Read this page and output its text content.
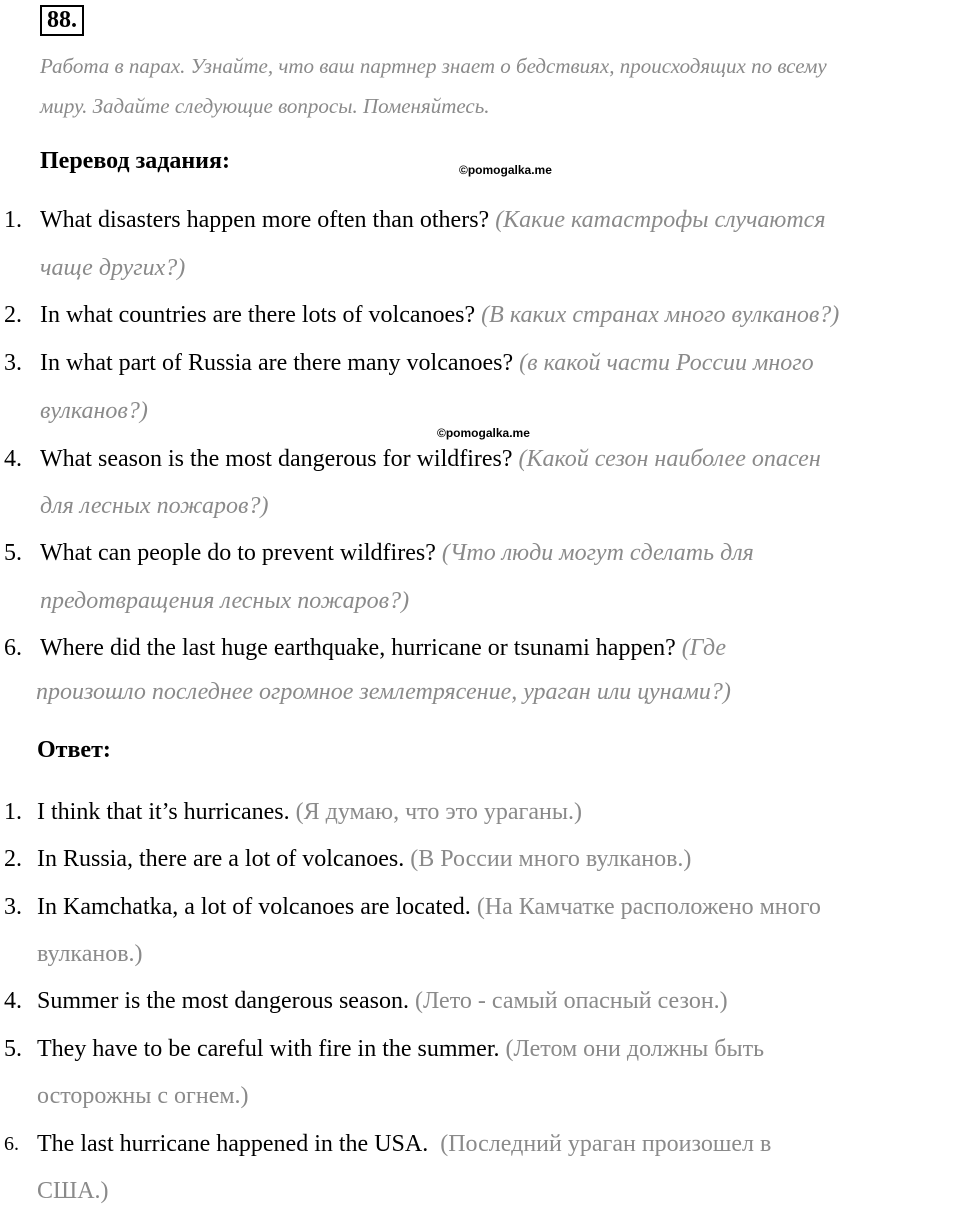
88.
Работа в парах. Узнайте, что ваш партнер знает о бедствиях, происходящих по всему
миру. Задайте следующие вопросы. Поменяйтесь.
Перевод задания:	©pomogalka.me
1. What disasters happen more often than others? (Какие катастрофы случаются
чаще других?)
2. In what countries are there lots of volcanoes? (В каких странах много вулканов?)
3. In what part of Russia are there many volcanoes? (в какой части России много
вулканов?)
©pomogalka.me
4. What season is the most dangerous for wildfires? (Какой сезон наиболее опасен
для лесных пожаров?)
5. What can people do to prevent wildfires? (Что люди могут сделать для
предотвращения лесных пожаров?)
6. Where did the last huge earthquake, hurricane or tsunami happen? (Где
произошло последнее огромное землетрясение, ураган или цунами?)
Ответ:
1. I think that it’s hurricanes. (Я думаю, что это ураганы.)
2. In Russia, there are a lot of volcanoes. (В России много вулканов.)
3. In Kamchatka, a lot of volcanoes are located. (На Камчатке расположено много
вулканов.)
4. Summer is the most dangerous season. (Лето - самый опасный сезон.)
5. They have to be careful with fire in the summer. (Летом они должны быть
осторожны с огнем.)
6. The last hurricane happened in the USA. (Последний ураган произошел в
США.)
